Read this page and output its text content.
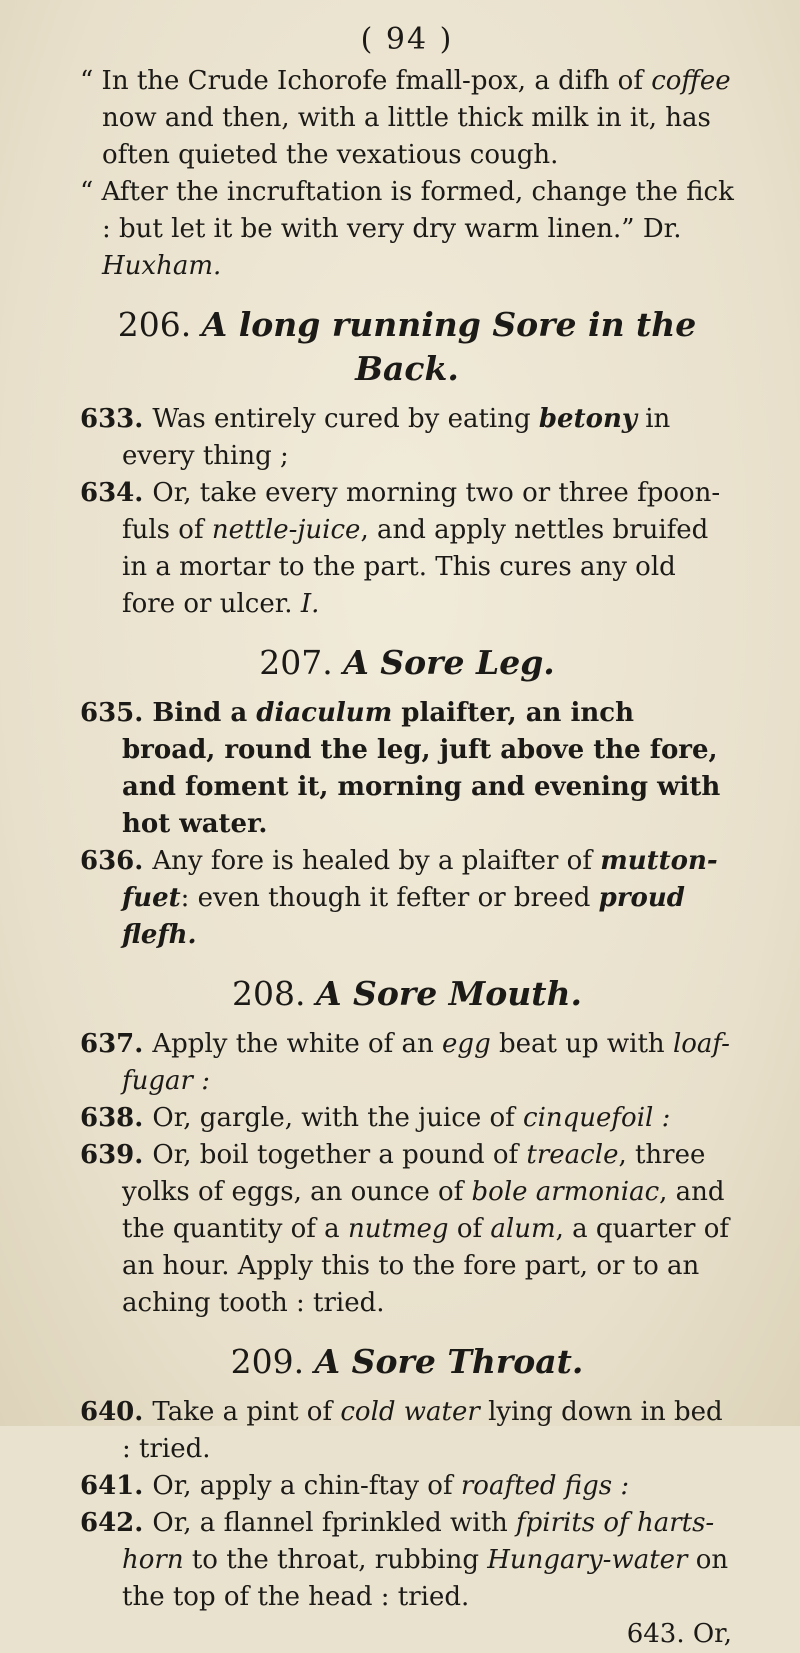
( 94 )

“ In the Crude Ichorofe fmall-pox, a difh of coffee now and then, with a little thick milk in it, has often quieted the vexatious cough.

“ After the incruftation is formed, change the fick : but let it be with very dry warm linen.” Dr. Huxham.

206. A long running Sore in the Back.

633. Was entirely cured by eating betony in every thing ;

634. Or, take every morning two or three fpoon-fuls of nettle-juice, and apply nettles bruifed in a mortar to the part. This cures any old fore or ulcer. I.

207. A Sore Leg.

635. Bind a diaculum plaifter, an inch broad, round the leg, juft above the fore, and foment it, morning and evening with hot water.

636. Any fore is healed by a plaifter of mutton-fuet: even though it fefter or breed proud flefh.

208. A Sore Mouth.

637. Apply the white of an egg beat up with loaf-fugar :

638. Or, gargle, with the juice of cinquefoil :

639. Or, boil together a pound of treacle, three yolks of eggs, an ounce of bole armoniac, and the quantity of a nutmeg of alum, a quarter of an hour. Apply this to the fore part, or to an aching tooth : tried.

209. A Sore Throat.

640. Take a pint of cold water lying down in bed : tried.

641. Or, apply a chin-ftay of roafted figs :

642. Or, a flannel fprinkled with fpirits of harts-horn to the throat, rubbing Hungary-water on the top of the head : tried.

643. Or,
